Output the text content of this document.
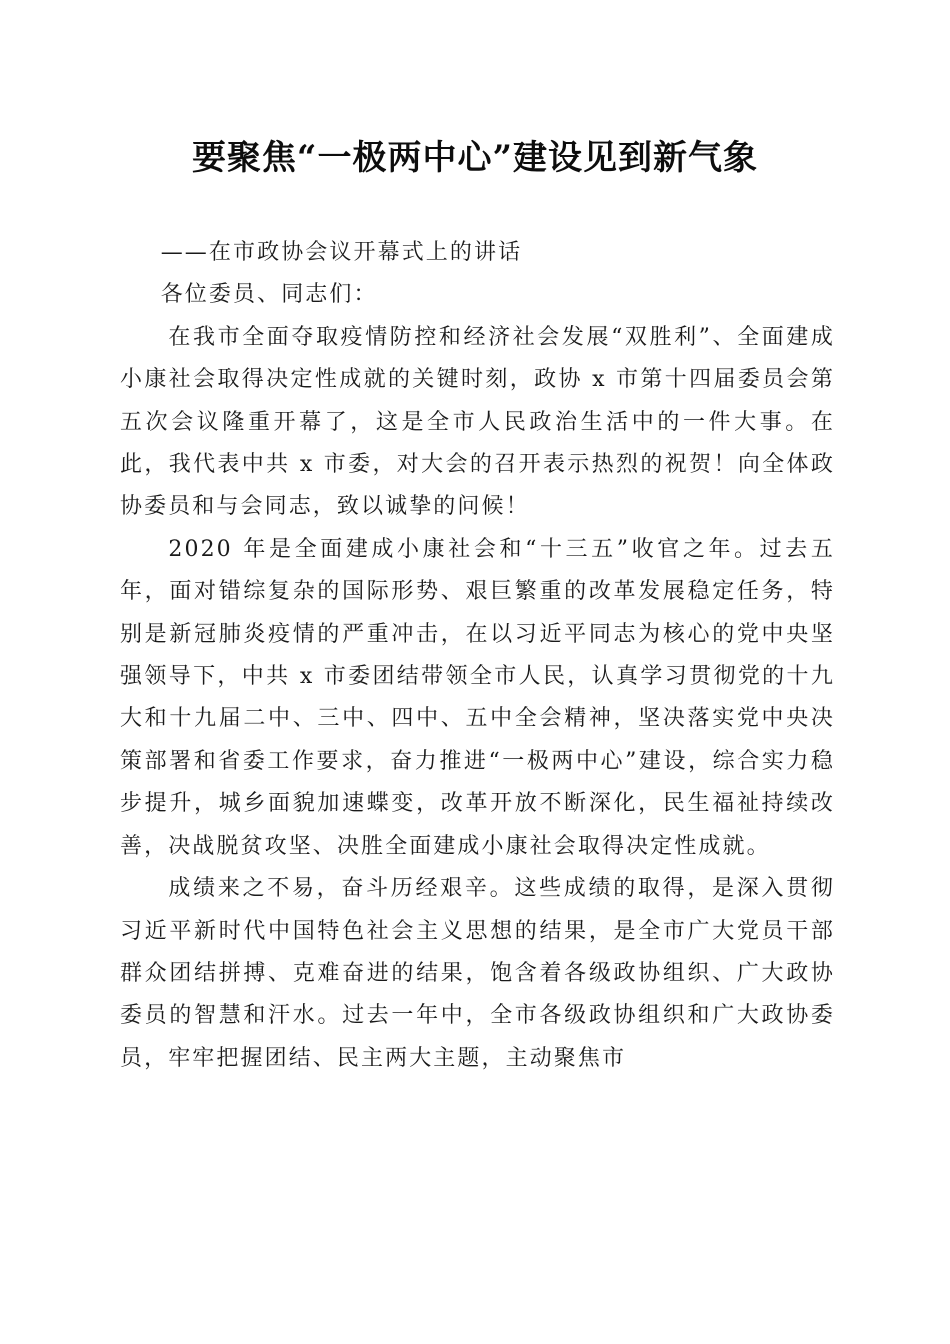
要聚焦“一极两中心”建设见到新气象

——在市政协会议开幕式上的讲话

各位委员、同志们：

在我市全面夺取疫情防控和经济社会发展“双胜利”、全面建成小康社会取得决定性成就的关键时刻，政协 x 市第十四届委员会第五次会议隆重开幕了，这是全市人民政治生活中的一件大事。在此，我代表中共 x 市委，对大会的召开表示热烈的祝贺！向全体政协委员和与会同志，致以诚挚的问候！

2020 年是全面建成小康社会和“十三五”收官之年。过去五年，面对错综复杂的国际形势、艰巨繁重的改革发展稳定任务，特别是新冠肺炎疫情的严重冲击，在以习近平同志为核心的党中央坚强领导下，中共 x 市委团结带领全市人民，认真学习贯彻党的十九大和十九届二中、三中、四中、五中全会精神，坚决落实党中央决策部署和省委工作要求，奋力推进“一极两中心”建设，综合实力稳步提升，城乡面貌加速蝶变，改革开放不断深化，民生福祉持续改善，决战脱贫攻坚、决胜全面建成小康社会取得决定性成就。

成绩来之不易，奋斗历经艰辛。这些成绩的取得，是深入贯彻习近平新时代中国特色社会主义思想的结果，是全市广大党员干部群众团结拼搏、克难奋进的结果，饱含着各级政协组织、广大政协委员的智慧和汗水。过去一年中，全市各级政协组织和广大政协委员，牢牢把握团结、民主两大主题，主动聚焦市
